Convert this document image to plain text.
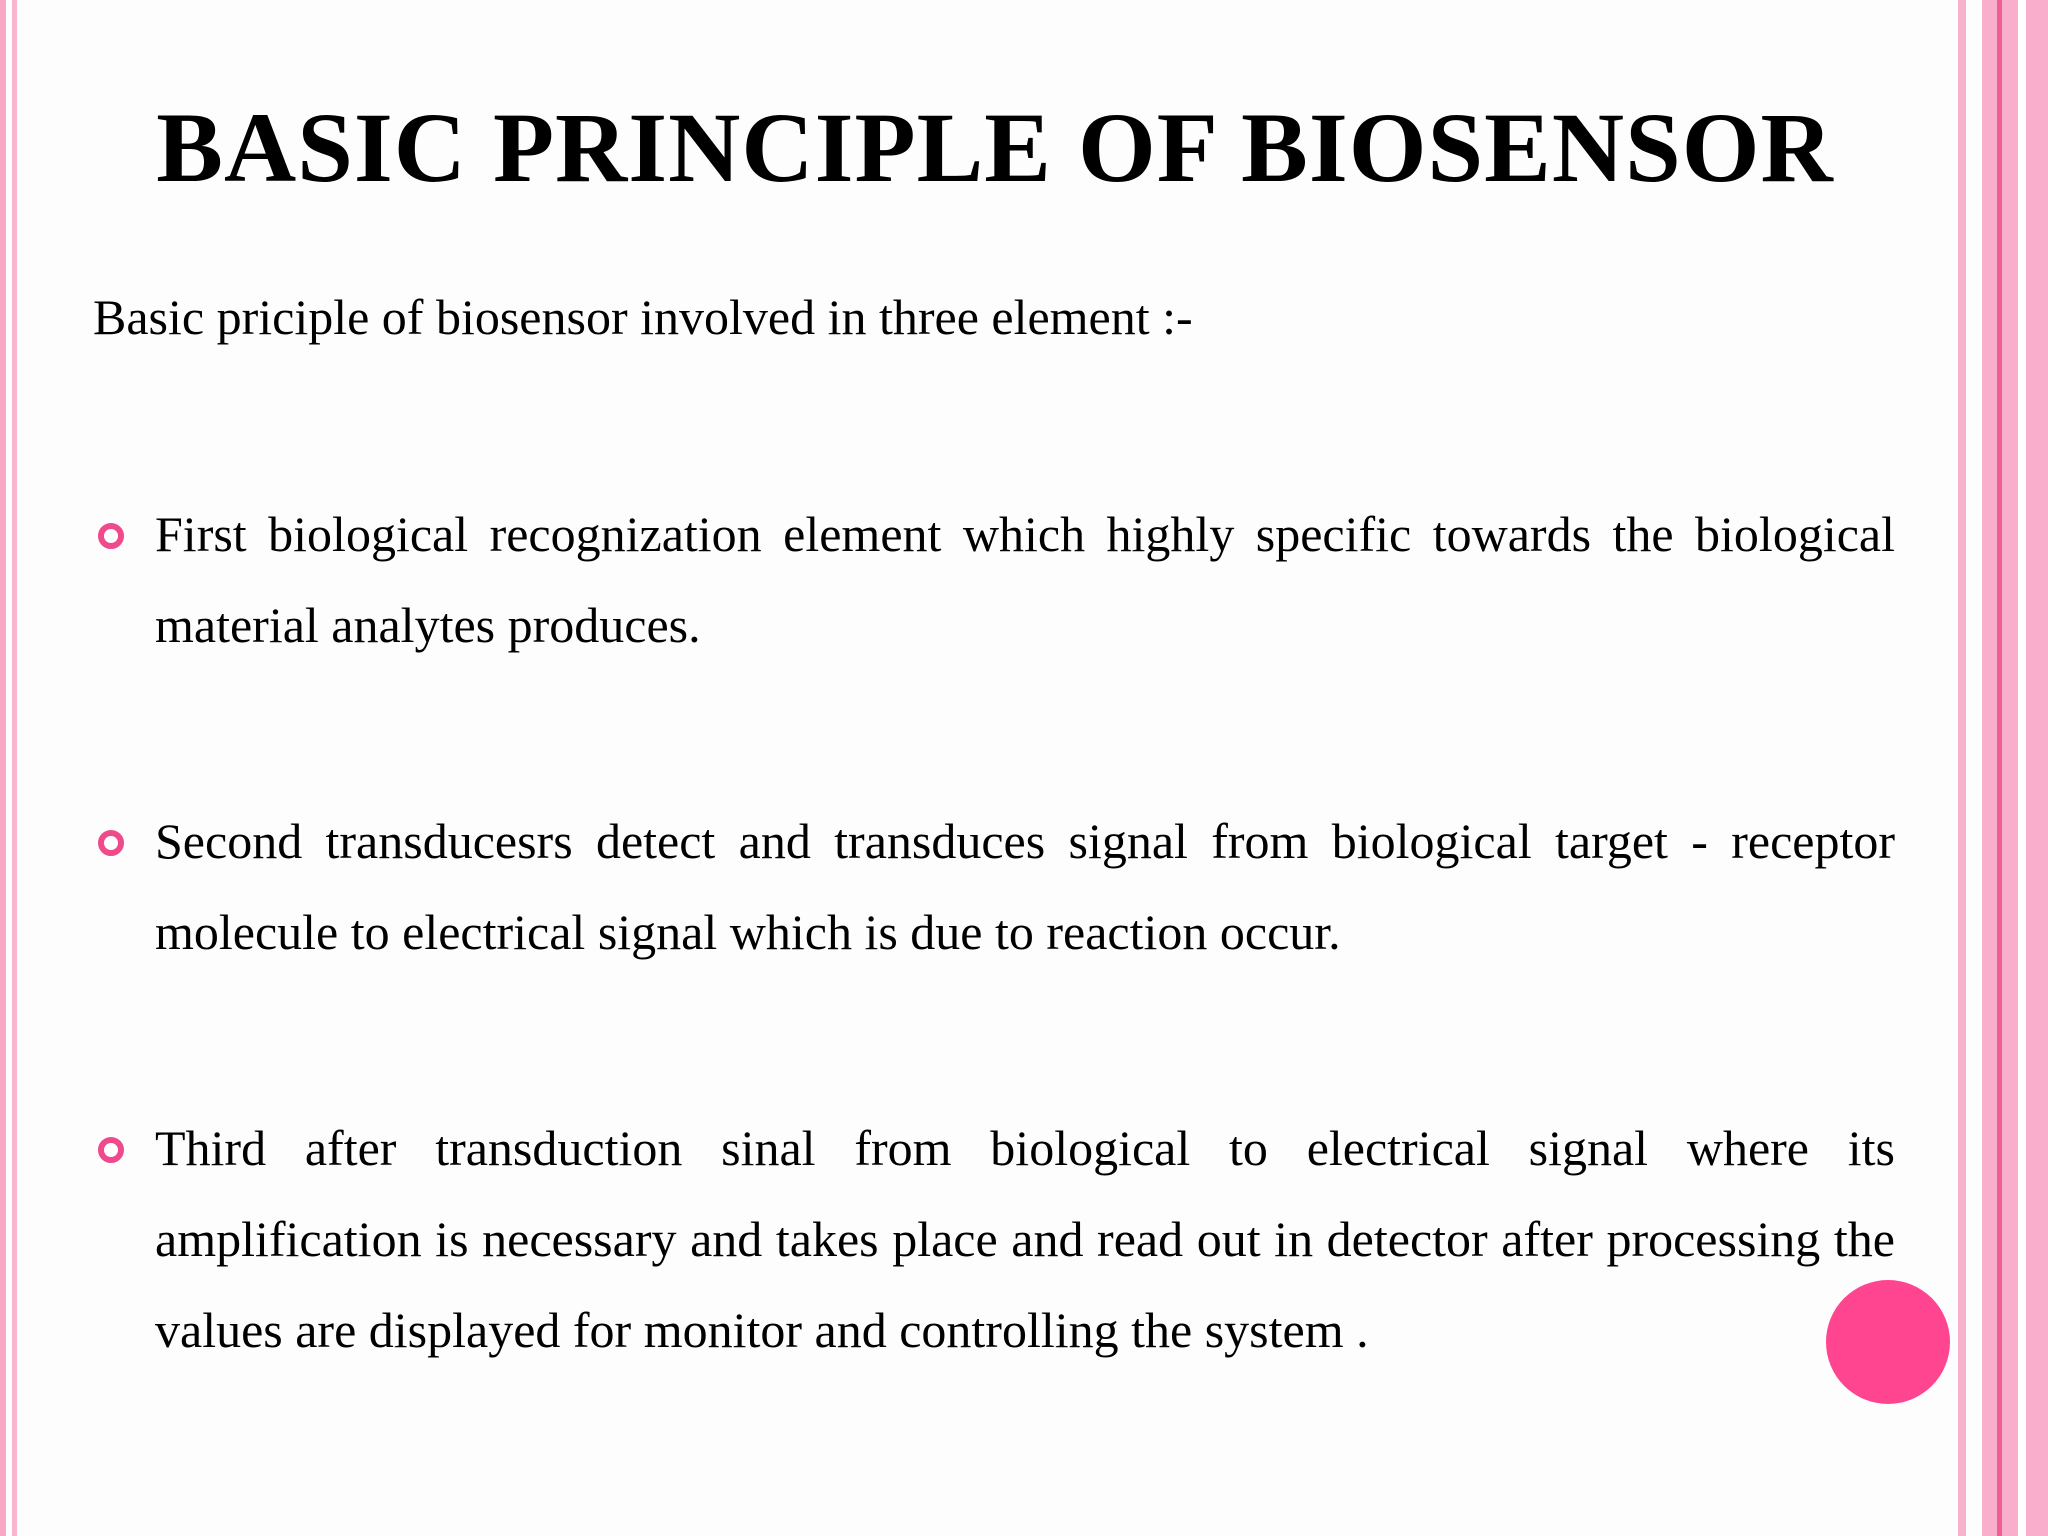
BASIC PRINCIPLE OF BIOSENSOR

Basic priciple of biosensor involved in three element :-

First biological recognization element which highly specific towards the biological material analytes produces.

Second transducesrs detect and transduces signal from biological target - receptor molecule to electrical signal which is due to reaction occur.

Third after transduction sinal from biological to electrical signal where its amplification is necessary and takes place and read out in detector after processing the values are displayed for monitor and controlling the system .
